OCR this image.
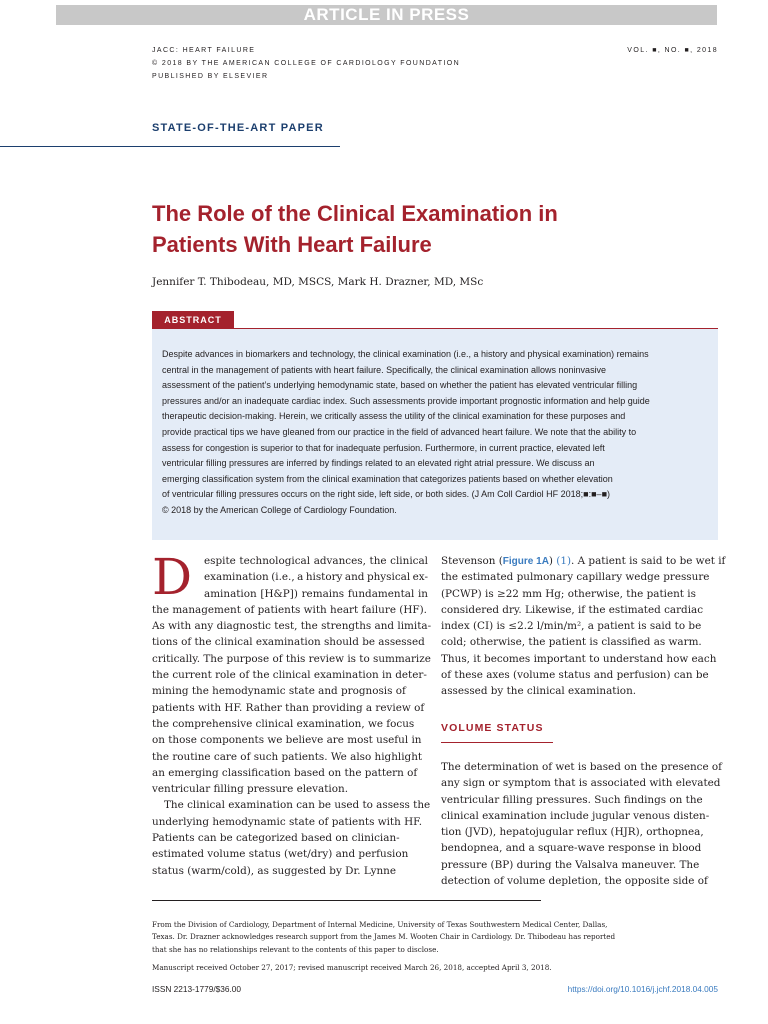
ARTICLE IN PRESS
JACC: HEART FAILURE	VOL. ■, NO. ■, 2018
© 2018 BY THE AMERICAN COLLEGE OF CARDIOLOGY FOUNDATION
PUBLISHED BY ELSEVIER
STATE-OF-THE-ART PAPER
The Role of the Clinical Examination in
Patients With Heart Failure
Jennifer T. Thibodeau, MD, MSCS, Mark H. Drazner, MD, MSc
ABSTRACT

Despite advances in biomarkers and technology, the clinical examination (i.e., a history and physical examination) remains

central in the management of patients with heart failure. Specifically, the clinical examination allows noninvasive

assessment of the patient’s underlying hemodynamic state, based on whether the patient has elevated ventricular filling

pressures and/or an inadequate cardiac index. Such assessments provide important prognostic information and help guide

therapeutic decision-making. Herein, we critically assess the utility of the clinical examination for these purposes and

provide practical tips we have gleaned from our practice in the field of advanced heart failure. We note that the ability to

assess for congestion is superior to that for inadequate perfusion. Furthermore, in current practice, elevated left

ventricular filling pressures are inferred by findings related to an elevated right atrial pressure. We discuss an

emerging classification system from the clinical examination that categorizes patients based on whether elevation

of ventricular filling pressures occurs on the right side, left side, or both sides. (J Am Coll Cardiol HF 2018;■:■–■)

© 2018 by the American College of Cardiology Foundation.

D espite technological advances, the clinical
examination (i.e., a history and physical ex-
amination [H&P]) remains fundamental in
the management of patients with heart failure (HF).
As with any diagnostic test, the strengths and limita-
tions of the clinical examination should be assessed
critically. The purpose of this review is to summarize
the current role of the clinical examination in deter-
mining the hemodynamic state and prognosis of
patients with HF. Rather than providing a review of
the comprehensive clinical examination, we focus
on those components we believe are most useful in
the routine care of such patients. We also highlight
an emerging classification based on the pattern of
ventricular filling pressure elevation.
The clinical examination can be used to assess the
underlying hemodynamic state of patients with HF.
Patients can be categorized based on clinician-
estimated volume status (wet/dry) and perfusion
status (warm/cold), as suggested by Dr. Lynne
Stevenson (Figure 1A) (1). A patient is said to be wet if
the estimated pulmonary capillary wedge pressure
(PCWP) is ≥22 mm Hg; otherwise, the patient is
considered dry. Likewise, if the estimated cardiac
index (CI) is ≤2.2 l/min/m², a patient is said to be
cold; otherwise, the patient is classified as warm.
Thus, it becomes important to understand how each
of these axes (volume status and perfusion) can be
assessed by the clinical examination.
VOLUME STATUS
The determination of wet is based on the presence of
any sign or symptom that is associated with elevated
ventricular filling pressures. Such findings on the
clinical examination include jugular venous disten-
tion (JVD), hepatojugular reflux (HJR), orthopnea,
bendopnea, and a square-wave response in blood
pressure (BP) during the Valsalva maneuver. The
detection of volume depletion, the opposite side of

From the Division of Cardiology, Department of Internal Medicine, University of Texas Southwestern Medical Center, Dallas,

Texas. Dr. Drazner acknowledges research support from the James M. Wooten Chair in Cardiology. Dr. Thibodeau has reported

that she has no relationships relevant to the contents of this paper to disclose.

Manuscript received October 27, 2017; revised manuscript received March 26, 2018, accepted April 3, 2018.

ISSN 2213-1779/$36.00	https://doi.org/10.1016/j.jchf.2018.04.005
